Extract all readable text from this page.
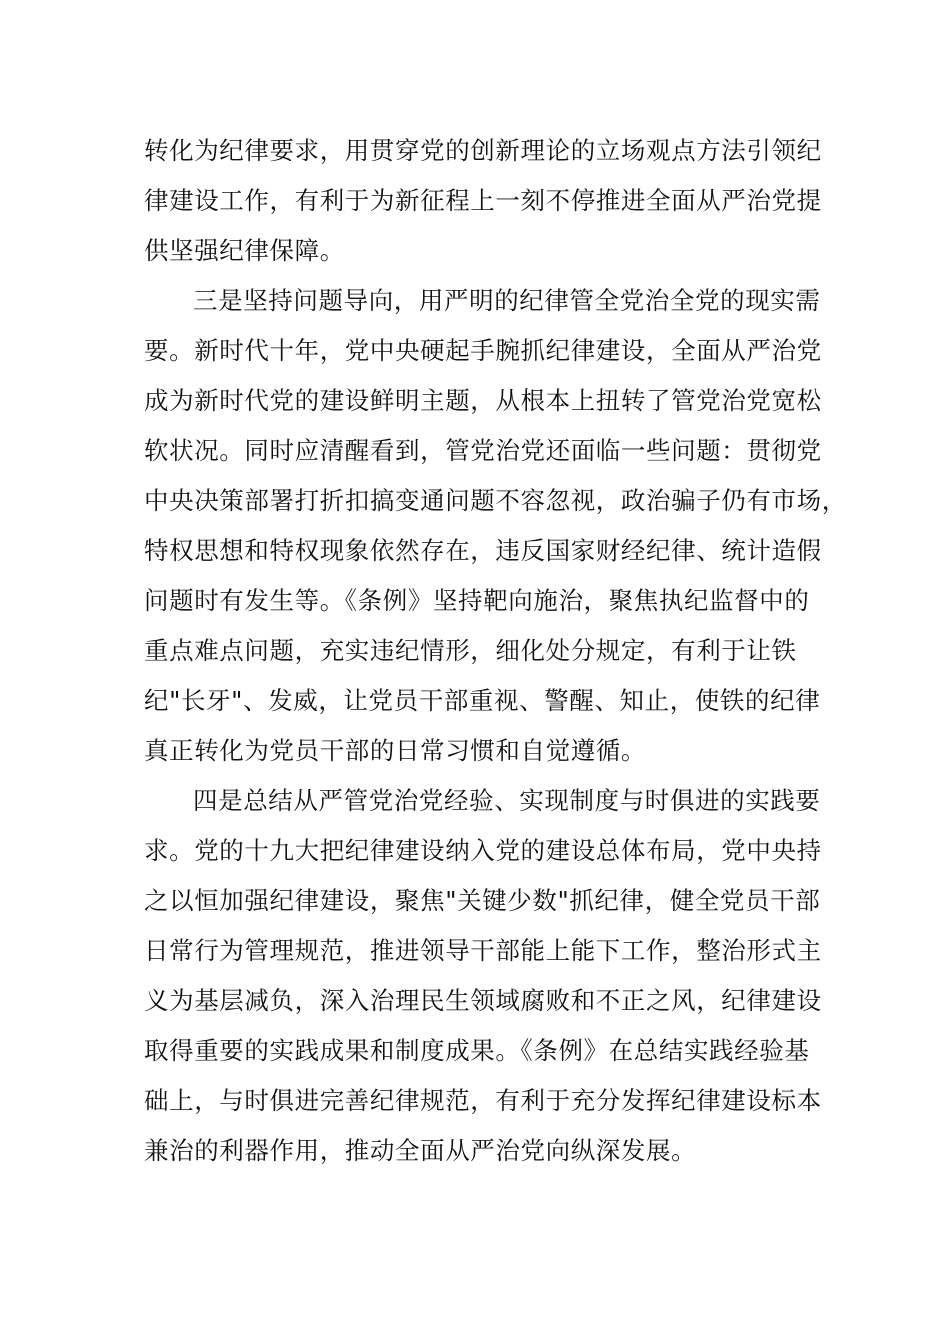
转化为纪律要求，用贯穿党的创新理论的立场观点方法引领纪
律建设工作，有利于为新征程上一刻不停推进全面从严治党提
供坚强纪律保障。
三是坚持问题导向，用严明的纪律管全党治全党的现实需
要。新时代十年，党中央硬起手腕抓纪律建设，全面从严治党
成为新时代党的建设鲜明主题，从根本上扭转了管党治党宽松
软状况。同时应清醒看到，管党治党还面临一些问题：贯彻党
中央决策部署打折扣搞变通问题不容忽视，政治骗子仍有市场，
特权思想和特权现象依然存在，违反国家财经纪律、统计造假
问题时有发生等。《条例》坚持靶向施治，聚焦执纪监督中的
重点难点问题，充实违纪情形，细化处分规定，有利于让铁
纪"长牙"、发威，让党员干部重视、警醒、知止，使铁的纪律
真正转化为党员干部的日常习惯和自觉遵循。
四是总结从严管党治党经验、实现制度与时俱进的实践要
求。党的十九大把纪律建设纳入党的建设总体布局，党中央持
之以恒加强纪律建设，聚焦"关键少数"抓纪律，健全党员干部
日常行为管理规范，推进领导干部能上能下工作，整治形式主
义为基层减负，深入治理民生领域腐败和不正之风，纪律建设
取得重要的实践成果和制度成果。《条例》在总结实践经验基
础上，与时俱进完善纪律规范，有利于充分发挥纪律建设标本
兼治的利器作用，推动全面从严治党向纵深发展。
